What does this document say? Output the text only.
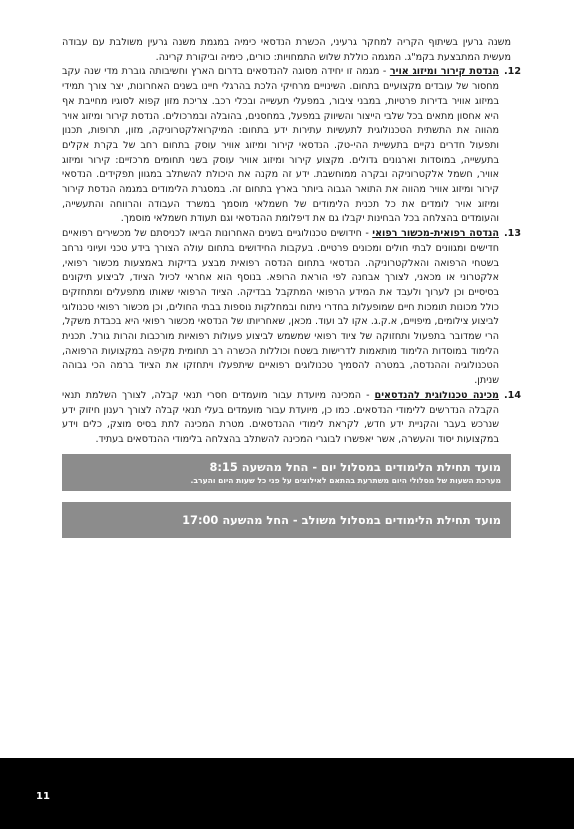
משנה גרעין בשיתוף הקריה למחקר גרעיני, הכשרת הנדסאי כימיה במגמת משנה גרעין משולבת עם עבודה מעשית המתבצעת בקמ"ג. המגמה כוללת שלוש התמחויות: כורים, כימיה וביקורת קרינה.

12.
הנדסת קירור ומיזוג אויר - מגמה זו יחידה מסוגה להנדסאים בדרום הארץ וחשיבותה גוברת מדי שנה עקב מחסור של עובדים מקצועיים בתחום. השינויים מרחיקי הלכת בהרגלי חיינו בשנים האחרונות, יצר צורך תמידי במיזוג אוויר בדירות פרטיות, במבני ציבור, במפעלי תעשייה ובכלי רכב. צריכת מזון קפוא לסוגיו מחייבת אף היא אחסון מתאים בכל שלבי הייצור והשיווק במפעל, במחסנים, בהובלה ובמרכולים. הנדסת קירור ומיזוג אויר מהווה את התשתית הטכנולוגית לתעשיות עתירות ידע בתחום: המיקרואלקטרוניקה, מזון, תרופות, תכנון ותפעול חדרים נקיים בתעשיית ההי-טק. הנדסאי קירור ומיזוג אוויר עוסק בתחום רחב של בקרת אקלים בתעשייה, במוסדות וארגונים גדולים. מקצוע קירור ומיזוג אוויר עוסק בשני תחומים מרכזיים: קירור ומיזוג אוויר, חשמל אלקטרוניקה ובקרה ממוחשבת. ידע זה מקנה את היכולת להשתלב במגוון תפקידים. הנדסאי קירור ומיזוג אוויר מהווה את התואר הגבוה ביותר בארץ בתחום זה. במסגרת הלימודים במגמה הנדסת קירור ומיזוג אויר לומדים את כל תכנית הלימודים של חשמלאי מוסמך במשרד העבודה והרווחה והתעשייה, והעומדים בהצלחה בכל הבחינות יקבלו גם את דיפלומת ההנדסאי וגם תעודת חשמלאי מוסמך.

13.
הנדסה רפואית-מכשור רפואי - חידושים טכנולוגיים בשנים האחרונות הביאו לכניסתם של מכשירים רפואיים חדישים ומגוונים לבתי חולים ומכונים פרטיים. בעקבות החידושים בתחום עולה הצורך בידע טכני ועיוני נרחב בשטחי הרפואה והאלקטרוניקה. הנדסאי בתחום הנדסה רפואית מבצע בדיקות באמצעות מכשור רפואי, אלקטרוני או מכאני, לצורך אבחנה לפי הוראת הרופא. בנוסף הוא אחראי לכיול הציוד, לביצוע תיקונים בסיסיים וכן לערוך ולעבד את המידע הרפואי המתקבל בבדיקה. הציוד הרפואי שאותו מתפעלים ומתחזקים כולל מכונות תומכות חיים שמופעלות בחדרי ניתוח ובמחלקות נוספות בבתי החולים, וכן מכשור רפואי טכנולוגי לביצוע צילומים, מיפויים, א.ק.ג. אקו לב ועוד. מכאן, שאחריותו של הנדסאי מכשור רפואי היא בכבדת משקל, הרי שמדובר בתפעול ותחזוקה של ציוד רפואי שמשמש לביצוע פעולות רפואיות מורכבות והרות גורל. תכנית הלימוד במוסדות הלימוד מותאמות לדרישות בשטח וכוללות הכשרה רב תחומית מקיפה במקצועות הרפואה, הטכנולוגיה וההנדסה, במטרה להסמיך טכנולוגים רפואיים שיתפעלו ויתחזקו את הציוד ברמה הכי גבוהה שניתן.

14.
מכינה טכנולוגית להנדסאים - המכינה מיועדת עבור מועמדים חסרי תנאי קבלה, לצורך השלמת תנאי הקבלה הנדרשים ללימודי הנדסאים. כמו כן, מיועדת עבור מועמדים בעלי תנאי קבלה לצורך רענון חיזוק ידע שנרכש בעבר והקניית ידע חדש, לקראת לימודי ההנדסאים. מטרת המכינה לתת בסיס מוצק, כלים וידע במקצועות יסוד והעשרה, אשר יאפשרו לבוגרי המכינה להשתלב בהצלחה בלימודי ההנדסאים בעתיד.

מועד תחילת הלימודים במסלול יום - החל מהשעה 8:15
מערכת השעות של מסלולי היום משתרעת בהתאם לאילוצים על פני כל שעות היום והערב.
מועד תחילת הלימודים במסלול משולב - החל מהשעה 17:00
11
